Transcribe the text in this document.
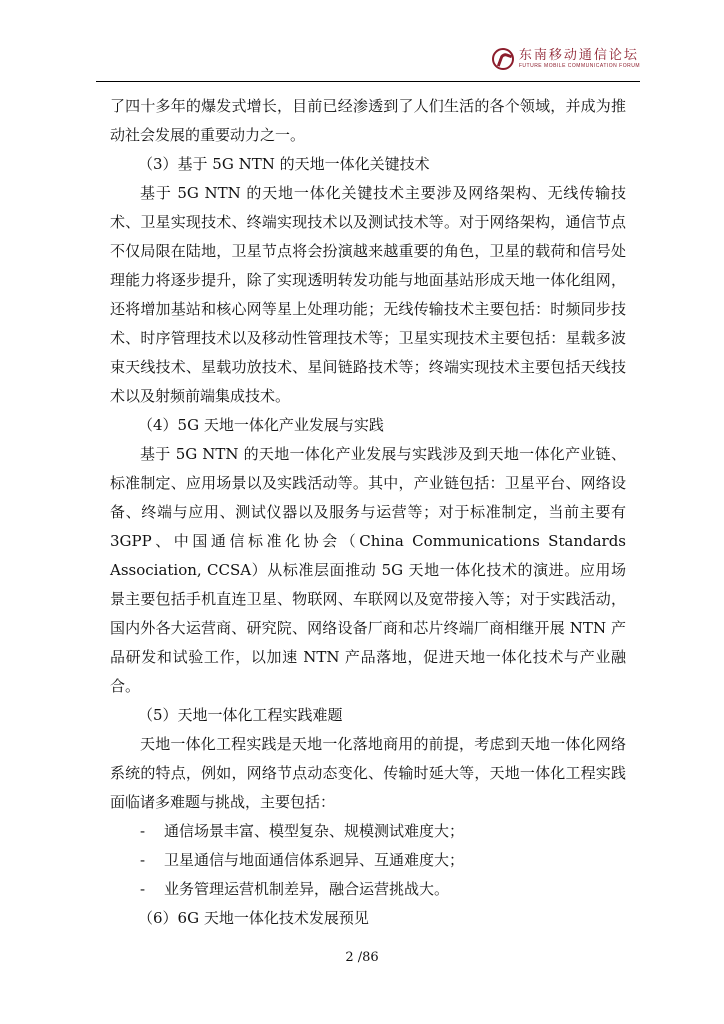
东南移动通信论坛
FUTURE MOBILE COMMUNICATION FORUM

了四十多年的爆发式增长，目前已经渗透到了人们生活的各个领域，并成为推动社会发展的重要动力之一。

（3）基于 5G NTN 的天地一体化关键技术

基于 5G NTN 的天地一体化关键技术主要涉及网络架构、无线传输技术、卫星实现技术、终端实现技术以及测试技术等。对于网络架构，通信节点不仅局限在陆地，卫星节点将会扮演越来越重要的角色，卫星的载荷和信号处理能力将逐步提升，除了实现透明转发功能与地面基站形成天地一体化组网，还将增加基站和核心网等星上处理功能；无线传输技术主要包括：时频同步技术、时序管理技术以及移动性管理技术等；卫星实现技术主要包括：星载多波束天线技术、星载功放技术、星间链路技术等；终端实现技术主要包括天线技术以及射频前端集成技术。

（4）5G 天地一体化产业发展与实践

基于 5G NTN 的天地一体化产业发展与实践涉及到天地一体化产业链、标准制定、应用场景以及实践活动等。其中，产业链包括：卫星平台、网络设备、终端与应用、测试仪器以及服务与运营等；对于标准制定，当前主要有 3GPP、中国通信标准化协会（China Communications Standards Association, CCSA）从标准层面推动 5G 天地一体化技术的演进。应用场景主要包括手机直连卫星、物联网、车联网以及宽带接入等；对于实践活动，国内外各大运营商、研究院、网络设备厂商和芯片终端厂商相继开展 NTN 产品研发和试验工作，以加速 NTN 产品落地，促进天地一体化技术与产业融合。

（5）天地一体化工程实践难题

天地一体化工程实践是天地一化落地商用的前提，考虑到天地一体化网络系统的特点，例如，网络节点动态变化、传输时延大等，天地一体化工程实践面临诸多难题与挑战，主要包括：

-	通信场景丰富、模型复杂、规模测试难度大；
-	卫星通信与地面通信体系迥异、互通难度大；
-	业务管理运营机制差异，融合运营挑战大。

（6）6G 天地一体化技术发展预见

2 /86
